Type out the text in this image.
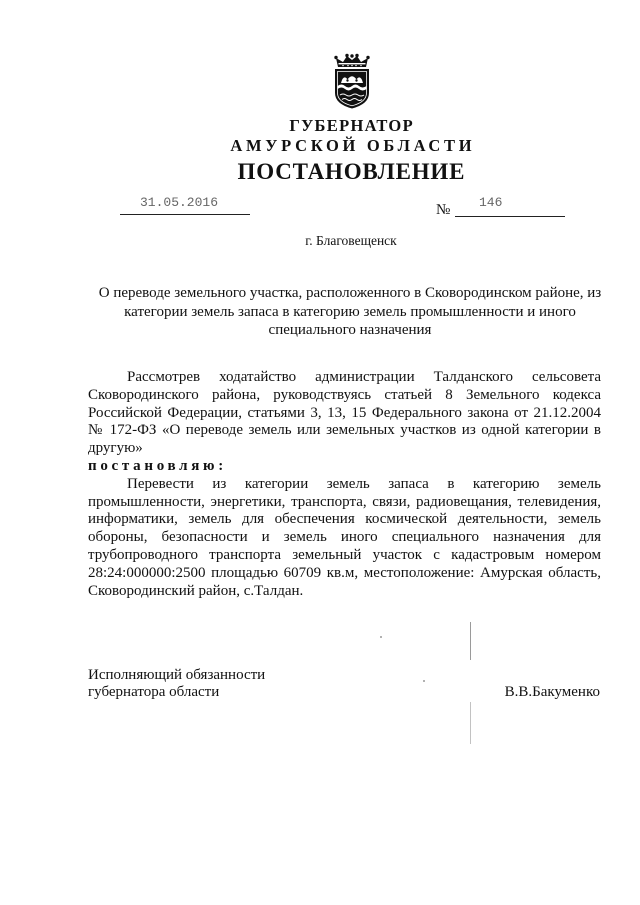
ГУБЕРНАТОР
АМУРСКОЙ ОБЛАСТИ
ПОСТАНОВЛЕНИЕ
31.05.2016	№ 146
г. Благовещенск
О переводе земельного участка, расположенного в Сковородинском районе, из
категории земель запаса в категорию земель промышленности и иного
специального назначения
Рассмотрев ходатайство администрации Талданского сельсовета
Сковородинского района, руководствуясь статьей 8 Земельного кодекса
Российской Федерации, статьями 3, 13, 15 Федерального закона от 21.12.2004
№ 172-ФЗ «О переводе земель или земельных участков из одной категории в
другую»
постановляю:
Перевести из категории земель запаса в категорию земель
промышленности, энергетики, транспорта, связи, радиовещания, телевидения,
информатики, земель для обеспечения космической деятельности, земель
обороны, безопасности и земель иного специального назначения для
трубопроводного транспорта земельный участок с кадастровым номером
28:24:000000:2500 площадью 60709 кв.м, местоположение: Амурская область,
Сковородинский район, с.Талдан.
Исполняющий обязанности
губернатора области	В.В.Бакуменко
